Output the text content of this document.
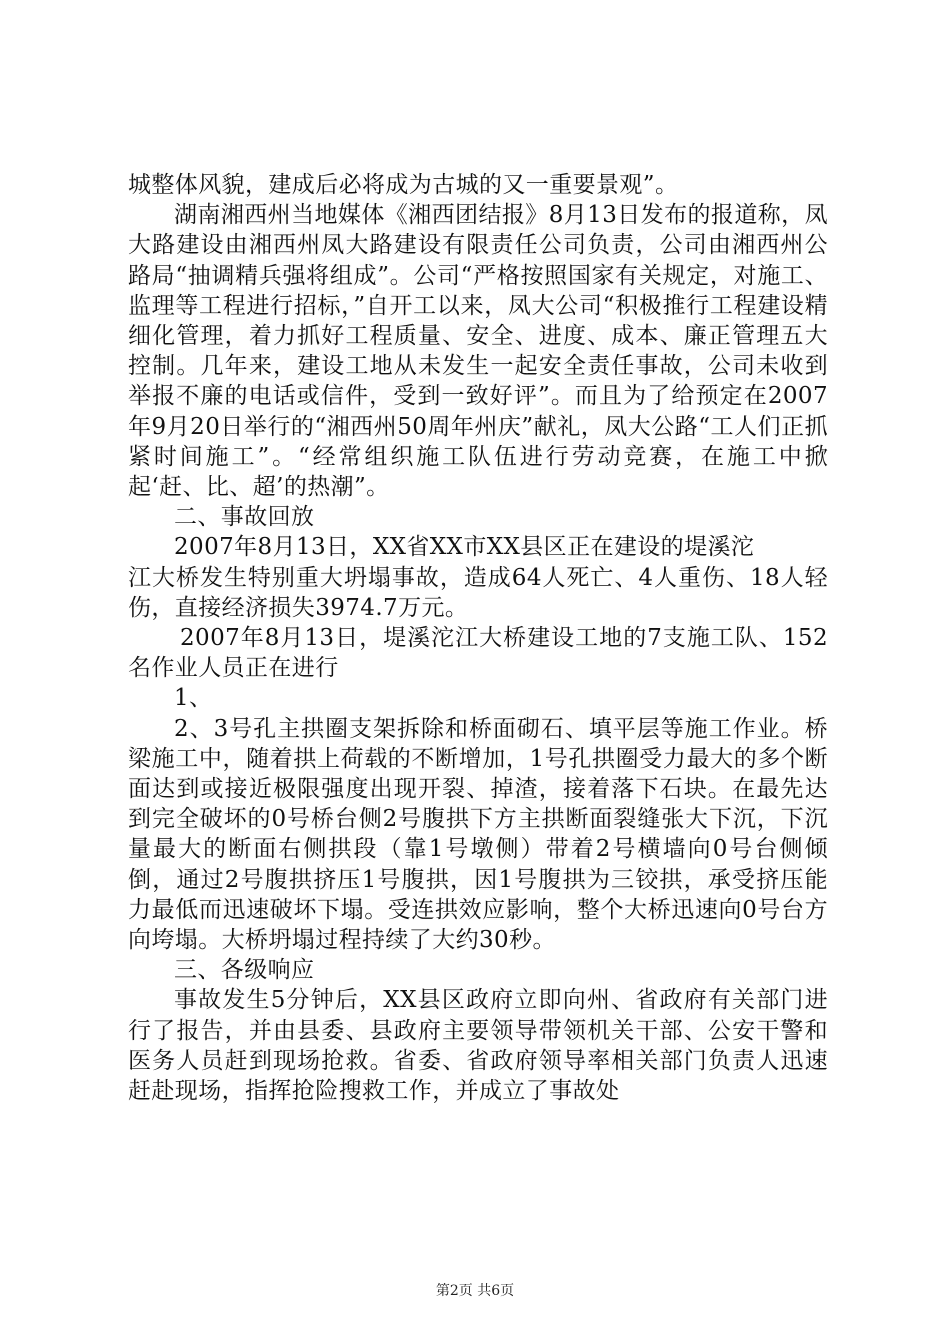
城整体风貌，建成后必将成为古城的又一重要景观”。

湖南湘西州当地媒体《湘西团结报》8月13日发布的报道称，凤大路建设由湘西州凤大路建设有限责任公司负责，公司由湘西州公路局“抽调精兵强将组成”。公司“严格按照国家有关规定，对施工、监理等工程进行招标，”自开工以来，凤大公司“积极推行工程建设精细化管理，着力抓好工程质量、安全、进度、成本、廉正管理五大控制。几年来，建设工地从未发生一起安全责任事故，公司未收到举报不廉的电话或信件，受到一致好评”。而且为了给预定在2007年9月20日举行的“湘西州50周年州庆”献礼，凤大公路“工人们正抓紧时间施工”。“经常组织施工队伍进行劳动竞赛，在施工中掀起‘赶、比、超’的热潮”。

二、事故回放

2007年8月13日，XX省XX市XX县区正在建设的堤溪沱

江大桥发生特别重大坍塌事故，造成64人死亡、4人重伤、18人轻伤，直接经济损失3974.7万元。

2007年8月13日，堤溪沱江大桥建设工地的7支施工队、152名作业人员正在进行

1、

2、3号孔主拱圈支架拆除和桥面砌石、填平层等施工作业。桥梁施工中，随着拱上荷载的不断增加，1号孔拱圈受力最大的多个断面达到或接近极限强度出现开裂、掉渣，接着落下石块。在最先达到完全破坏的0号桥台侧2号腹拱下方主拱断面裂缝张大下沉，下沉量最大的断面右侧拱段（靠1号墩侧）带着2号横墙向0号台侧倾倒，通过2号腹拱挤压1号腹拱，因1号腹拱为三铰拱，承受挤压能力最低而迅速破坏下塌。受连拱效应影响，整个大桥迅速向0号台方向垮塌。大桥坍塌过程持续了大约30秒。

三、各级响应

事故发生5分钟后，XX县区政府立即向州、省政府有关部门进行了报告，并由县委、县政府主要领导带领机关干部、公安干警和医务人员赶到现场抢救。省委、省政府领导率相关部门负责人迅速赶赴现场，指挥抢险搜救工作，并成立了事故处

第2页 共6页
